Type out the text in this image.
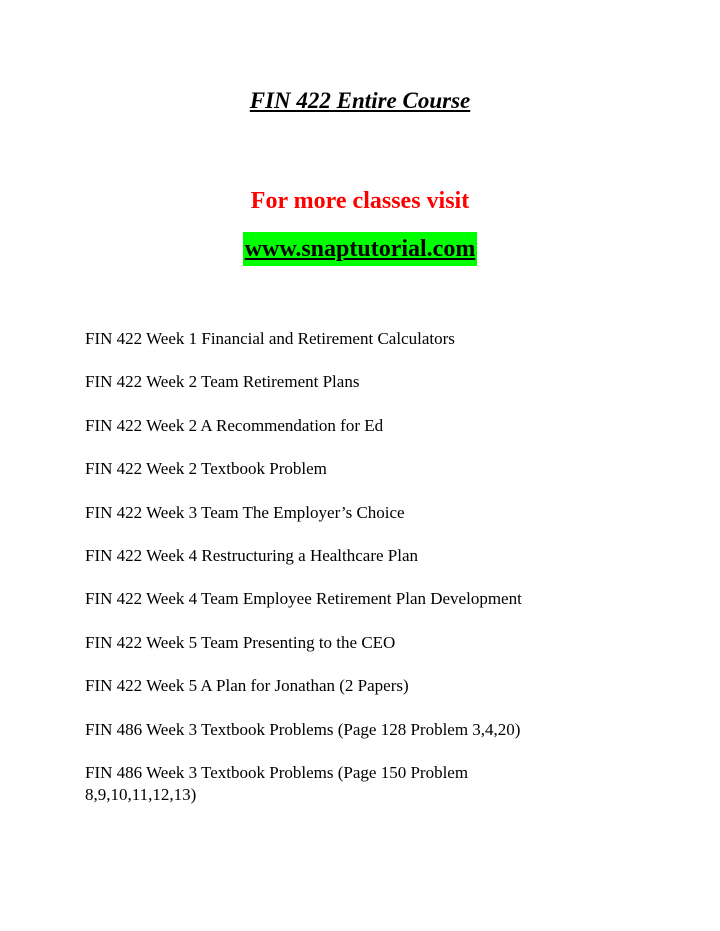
FIN 422 Entire Course

For more classes visit

www.snaptutorial.com
FIN 422 Week 1 Financial and Retirement Calculators
FIN 422 Week 2 Team Retirement Plans
FIN 422 Week 2 A Recommendation for Ed
FIN 422 Week 2 Textbook Problem
FIN 422 Week 3 Team The Employer’s Choice
FIN 422 Week 4 Restructuring a Healthcare Plan
FIN 422 Week 4 Team Employee Retirement Plan Development
FIN 422 Week 5 Team Presenting to the CEO
FIN 422 Week 5 A Plan for Jonathan (2 Papers)
FIN 486 Week 3 Textbook Problems (Page 128 Problem 3,4,20)
FIN 486 Week 3 Textbook Problems (Page 150 Problem 8,9,10,11,12,13)
